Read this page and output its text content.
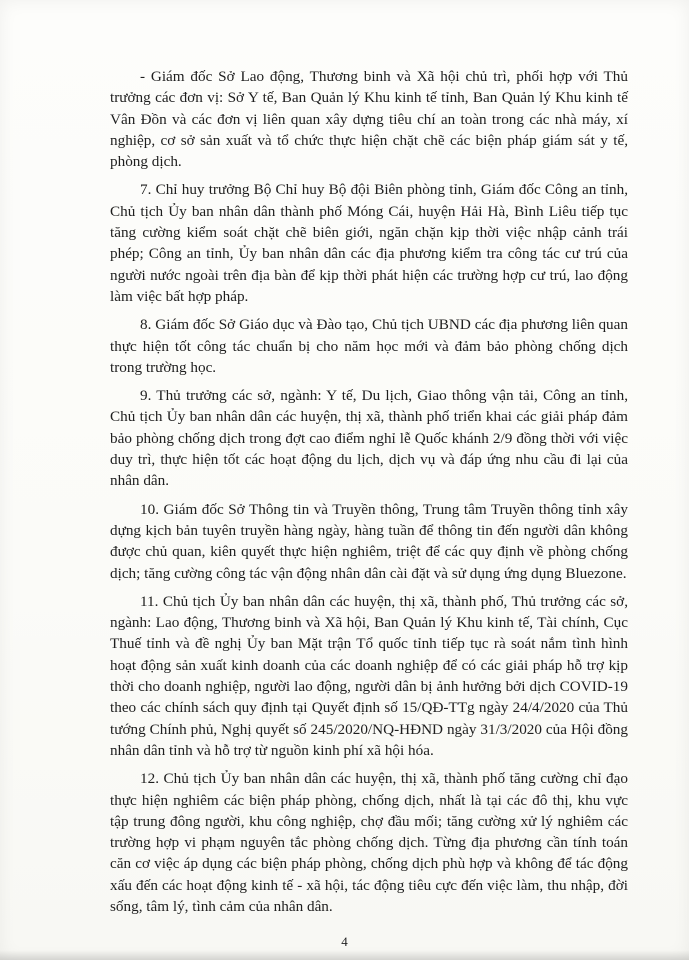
- Giám đốc Sở Lao động, Thương binh và Xã hội chủ trì, phối hợp với Thủ trưởng các đơn vị: Sở Y tế, Ban Quản lý Khu kinh tế tỉnh, Ban Quản lý Khu kinh tế Vân Đồn và các đơn vị liên quan xây dựng tiêu chí an toàn trong các nhà máy, xí nghiệp, cơ sở sản xuất và tổ chức thực hiện chặt chẽ các biện pháp giám sát y tế, phòng dịch.

7. Chỉ huy trưởng Bộ Chỉ huy Bộ đội Biên phòng tỉnh, Giám đốc Công an tỉnh, Chủ tịch Ủy ban nhân dân thành phố Móng Cái, huyện Hải Hà, Bình Liêu tiếp tục tăng cường kiểm soát chặt chẽ biên giới, ngăn chặn kịp thời việc nhập cảnh trái phép; Công an tỉnh, Ủy ban nhân dân các địa phương kiểm tra công tác cư trú của người nước ngoài trên địa bàn để kịp thời phát hiện các trường hợp cư trú, lao động làm việc bất hợp pháp.

8. Giám đốc Sở Giáo dục và Đào tạo, Chủ tịch UBND các địa phương liên quan thực hiện tốt công tác chuẩn bị cho năm học mới và đảm bảo phòng chống dịch trong trường học.

9. Thủ trưởng các sở, ngành: Y tế, Du lịch, Giao thông vận tải, Công an tỉnh, Chủ tịch Ủy ban nhân dân các huyện, thị xã, thành phố triển khai các giải pháp đảm bảo phòng chống dịch trong đợt cao điểm nghỉ lễ Quốc khánh 2/9 đồng thời với việc duy trì, thực hiện tốt các hoạt động du lịch, dịch vụ và đáp ứng nhu cầu đi lại của nhân dân.

10. Giám đốc Sở Thông tin và Truyền thông, Trung tâm Truyền thông tỉnh xây dựng kịch bản tuyên truyền hàng ngày, hàng tuần để thông tin đến người dân không được chủ quan, kiên quyết thực hiện nghiêm, triệt để các quy định về phòng chống dịch; tăng cường công tác vận động nhân dân cài đặt và sử dụng ứng dụng Bluezone.

11. Chủ tịch Ủy ban nhân dân các huyện, thị xã, thành phố, Thủ trưởng các sở, ngành: Lao động, Thương binh và Xã hội, Ban Quản lý Khu kinh tế, Tài chính, Cục Thuế tỉnh và đề nghị Ủy ban Mặt trận Tổ quốc tỉnh tiếp tục rà soát nắm tình hình hoạt động sản xuất kinh doanh của các doanh nghiệp để có các giải pháp hỗ trợ kịp thời cho doanh nghiệp, người lao động, người dân bị ảnh hưởng bởi dịch COVID-19 theo các chính sách quy định tại Quyết định số 15/QĐ-TTg ngày 24/4/2020 của Thủ tướng Chính phủ, Nghị quyết số 245/2020/NQ-HĐND ngày 31/3/2020 của Hội đồng nhân dân tỉnh và hỗ trợ từ nguồn kinh phí xã hội hóa.

12. Chủ tịch Ủy ban nhân dân các huyện, thị xã, thành phố tăng cường chỉ đạo thực hiện nghiêm các biện pháp phòng, chống dịch, nhất là tại các đô thị, khu vực tập trung đông người, khu công nghiệp, chợ đầu mối; tăng cường xử lý nghiêm các trường hợp vi phạm nguyên tắc phòng chống dịch. Từng địa phương cần tính toán căn cơ việc áp dụng các biện pháp phòng, chống dịch phù hợp và không để tác động xấu đến các hoạt động kinh tế - xã hội, tác động tiêu cực đến việc làm, thu nhập, đời sống, tâm lý, tình cảm của nhân dân.

4
